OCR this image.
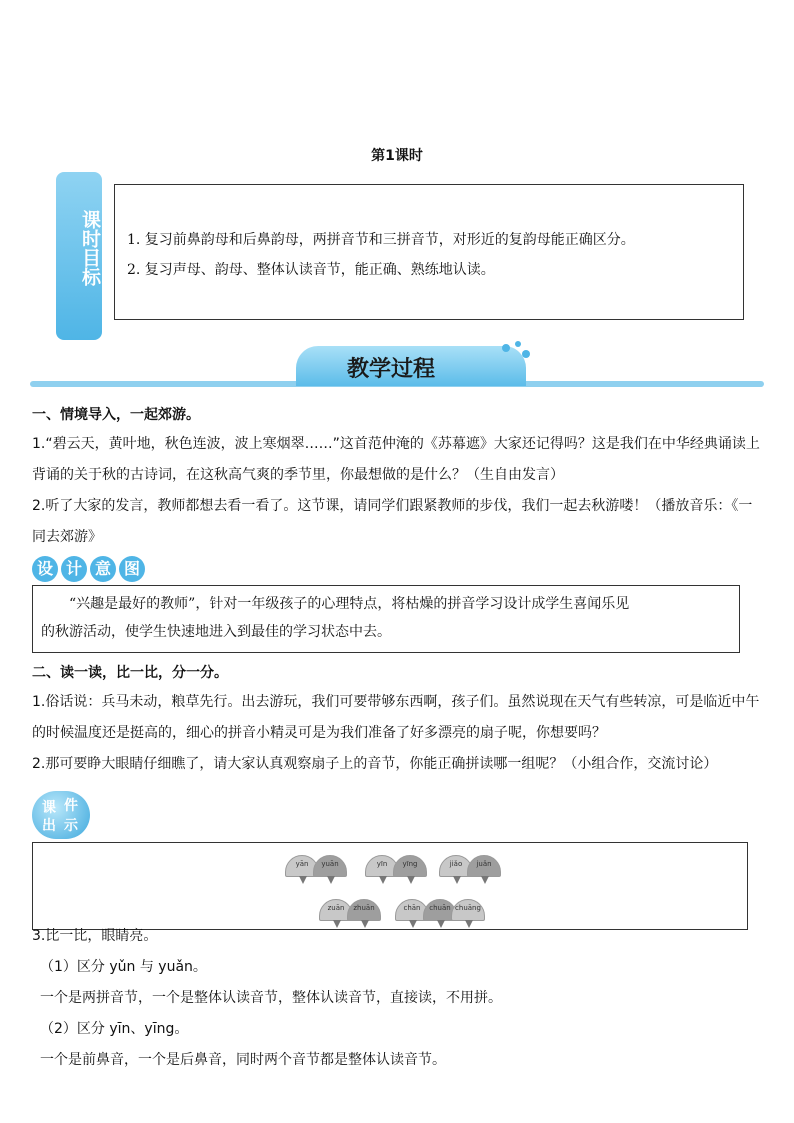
第1课时
课时目标 1. 复习前鼻韵母和后鼻韵母，两拼音节和三拼音节，对形近的复韵母能正确区分。
2. 复习声母、韵母、整体认读音节，能正确、熟练地认读。
教学过程
一、情境导入，一起郊游。
1.“碧云天，黄叶地，秋色连波，波上寒烟翠……”这首范仲淹的《苏幕遮》大家还记得吗？这是我们在中华经典诵读上
背诵的关于秋的古诗词，在这秋高气爽的季节里，你最想做的是什么？（生自由发言）
2.听了大家的发言，教师都想去看一看了。这节课，请同学们跟紧教师的步伐，我们一起去秋游喽！（播放音乐：《一
同去郊游》
设 计 意 图
“兴趣是最好的教师”，针对一年级孩子的心理特点，将枯燥的拼音学习设计成学生喜闻乐见
的秋游活动，使学生快速地进入到最佳的学习状态中去。
二、读一读，比一比，分一分。
1.俗话说：兵马未动，粮草先行。出去游玩，我们可要带够东西啊，孩子们。虽然说现在天气有些转凉，可是临近中午
的时候温度还是挺高的，细心的拼音小精灵可是为我们准备了好多漂亮的扇子呢，你想要吗？
2.那可要睁大眼睛仔细瞧了，请大家认真观察扇子上的音节，你能正确拼读哪一组呢？（小组合作，交流讨论）
课 件
出 示
yān	yuān	yīn	yīng	jiǎo	juǎn
zuān	zhuān	chān	chuān chuāng
3.比一比，眼睛亮。
（1）区分 yǔn 与 yuǎn。
一个是两拼音节，一个是整体认读音节，整体认读音节，直接读，不用拼。
（2）区分 yīn、yīng。
一个是前鼻音，一个是后鼻音，同时两个音节都是整体认读音节。
